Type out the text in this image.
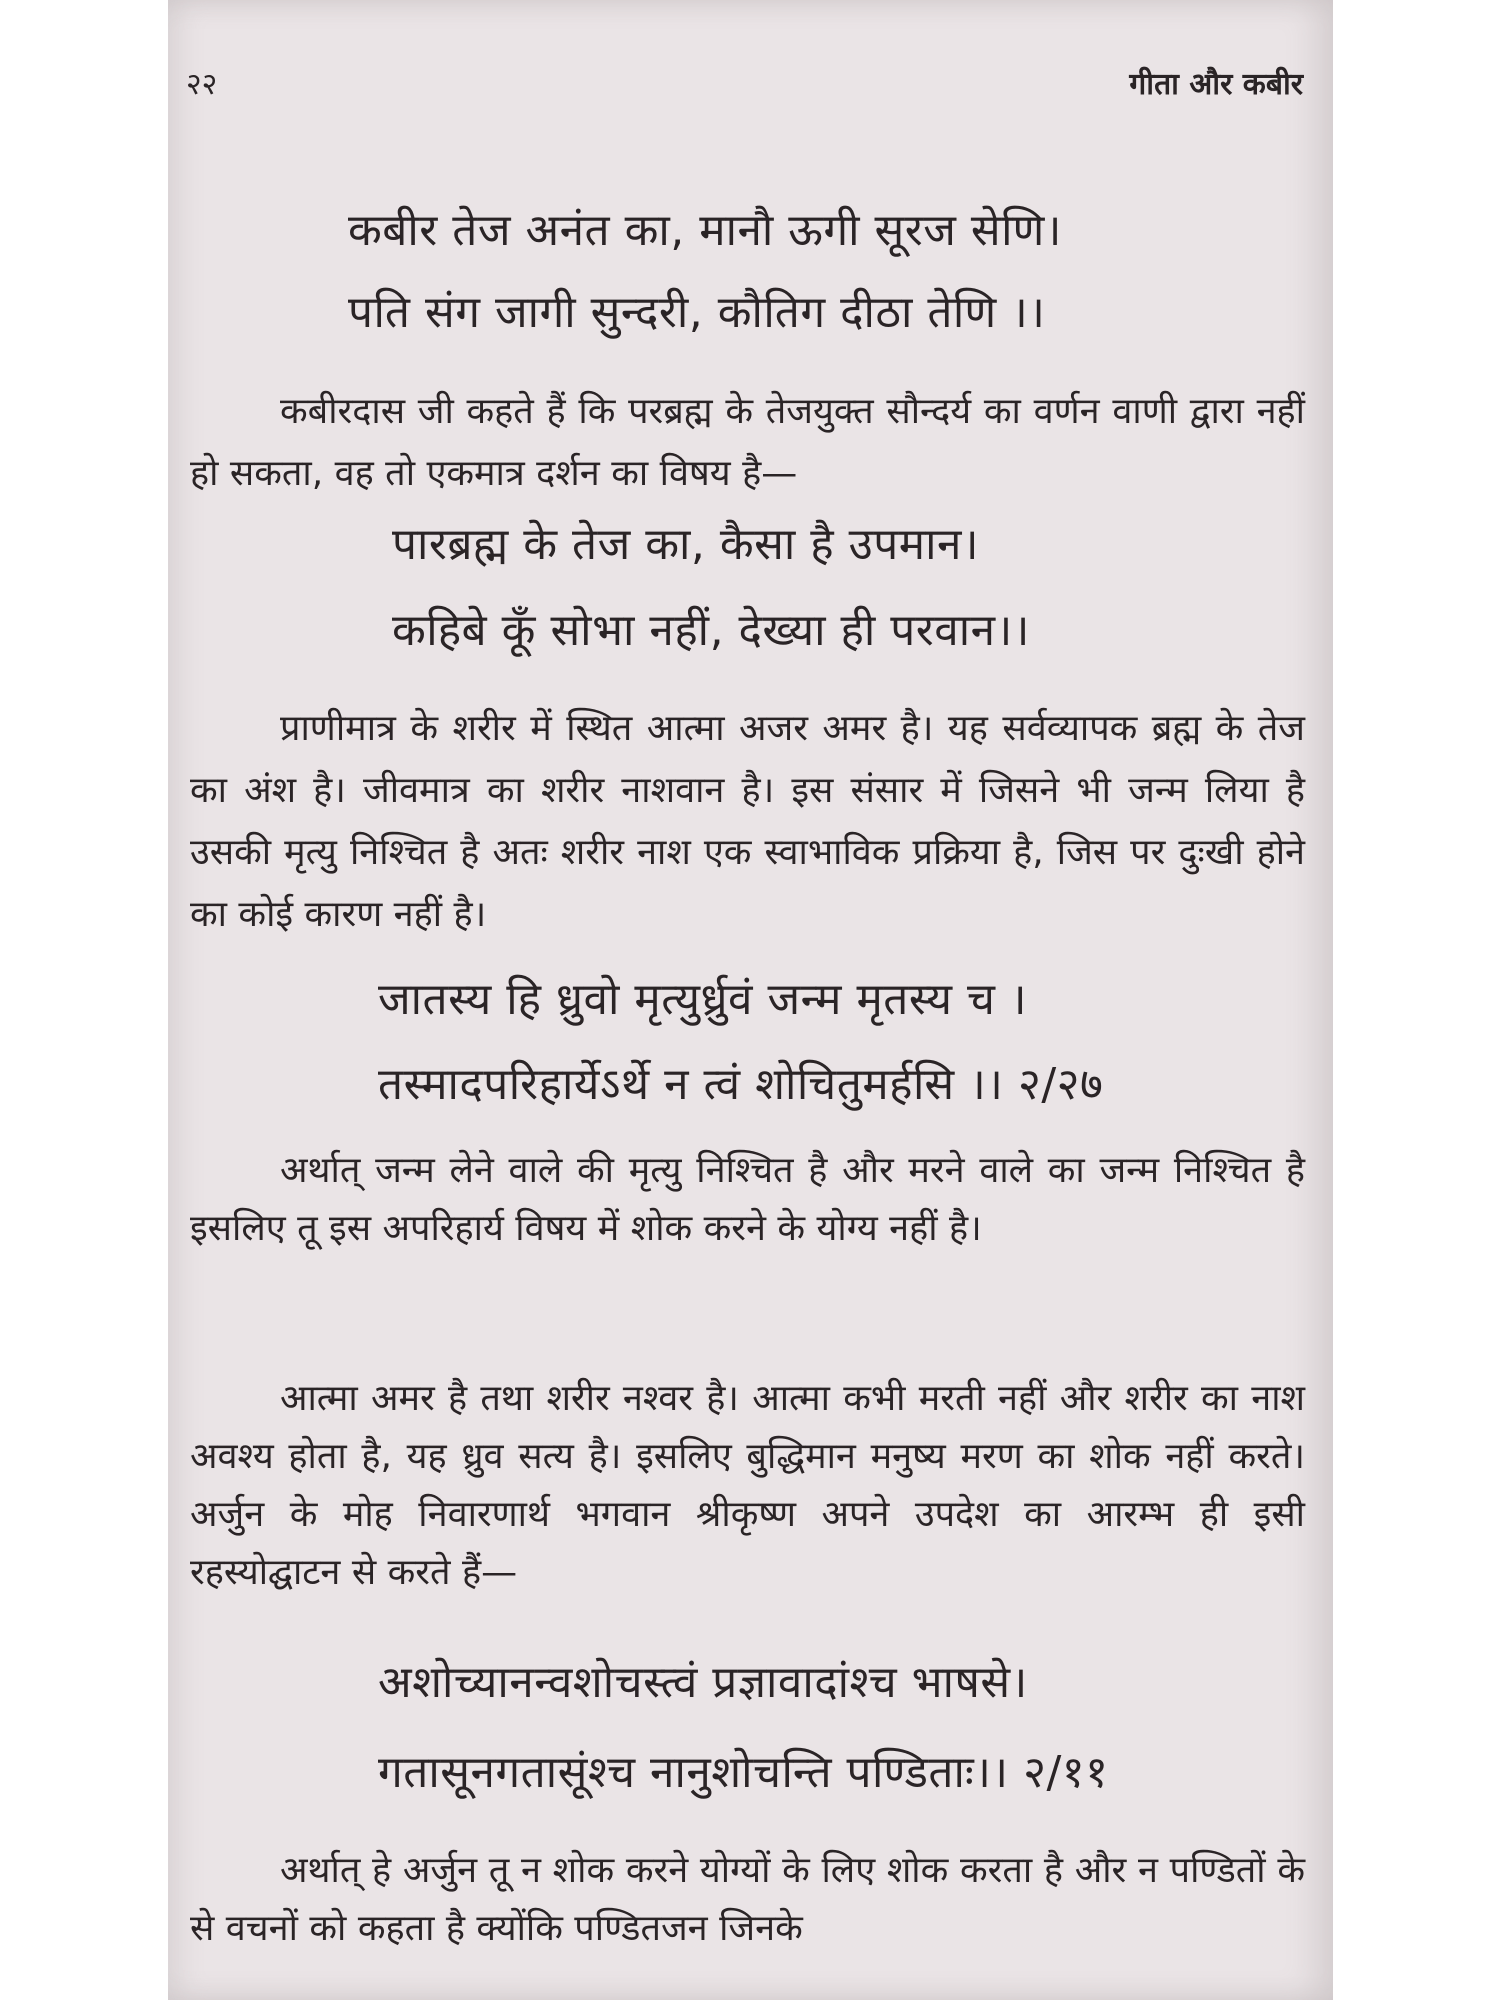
२२	गीता और कबीर
कबीर तेज अनंत का, मानौ ऊगी सूरज सेणि।
पति संग जागी सुन्दरी, कौतिग दीठा तेणि ।।
कबीरदास जी कहते हैं कि परब्रह्म के तेजयुक्त सौन्दर्य का वर्णन वाणी द्वारा नहीं हो सकता, वह तो एकमात्र दर्शन का विषय है—
पारब्रह्म के तेज का, कैसा है उपमान।
कहिबे कूँ सोभा नहीं, देख्या ही परवान।।
प्राणीमात्र के शरीर में स्थित आत्मा अजर अमर है। यह सर्वव्यापक ब्रह्म के तेज का अंश है। जीवमात्र का शरीर नाशवान है। इस संसार में जिसने भी जन्म लिया है उसकी मृत्यु निश्चित है अतः शरीर नाश एक स्वाभाविक प्रक्रिया है, जिस पर दुःखी होने का कोई कारण नहीं है।
जातस्य हि ध्रुवो मृत्युर्ध्रुवं जन्म मृतस्य च ।
तस्मादपरिहार्येऽर्थे न त्वं शोचितुमर्हसि ।। २/२७
अर्थात् जन्म लेने वाले की मृत्यु निश्चित है और मरने वाले का जन्म निश्चित है इसलिए तू इस अपरिहार्य विषय में शोक करने के योग्य नहीं है।
आत्मा अमर है तथा शरीर नश्वर है। आत्मा कभी मरती नहीं और शरीर का नाश अवश्य होता है, यह ध्रुव सत्य है। इसलिए बुद्धिमान मनुष्य मरण का शोक नहीं करते। अर्जुन के मोह निवारणार्थ भगवान श्रीकृष्ण अपने उपदेश का आरम्भ ही इसी रहस्योद्घाटन से करते हैं—
अशोच्यानन्वशोचस्त्वं प्रज्ञावादांश्च भाषसे।
गतासूनगतासूंश्च नानुशोचन्ति पण्डिताः।। २/११
अर्थात् हे अर्जुन तू न शोक करने योग्यों के लिए शोक करता है और न पण्डितों के से वचनों को कहता है क्योंकि पण्डितजन जिनके
